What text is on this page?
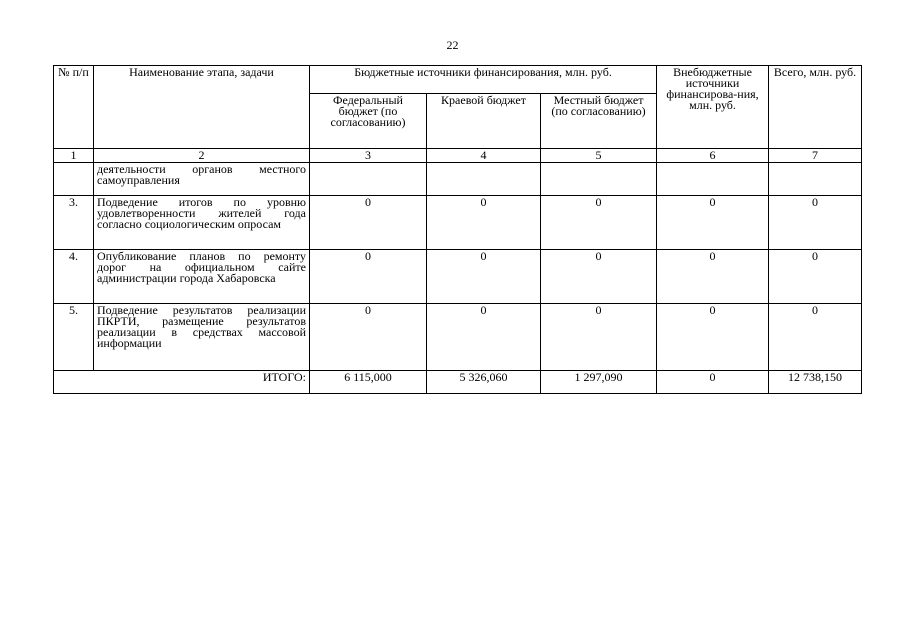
22
№ п/п	Наименование этапа, задачи	Бюджетные источники финансирования, млн. руб.			Внебюджетные источники финансирова-ния, млн. руб.	Всего, млн. руб.
		Федеральный бюджет (по согласованию)	Краевой бюджет	Местный бюджет (по согласованию)		
1	2	3	4	5	6	7
	деятельности органов местного самоуправления					
3.	Подведение итогов по уровню удовлетворенности жителей года согласно социологическим опросам	0	0	0	0	0
4.	Опубликование планов по ремонту дорог на официальном сайте администрации города Хабаровска	0	0	0	0	0
5.	Подведение результатов реализации ПКРТИ, размещение результатов реализации в средствах массовой информации	0	0	0	0	0
ИТОГО:		6 115,000	5 326,060	1 297,090	0	12 738,150
